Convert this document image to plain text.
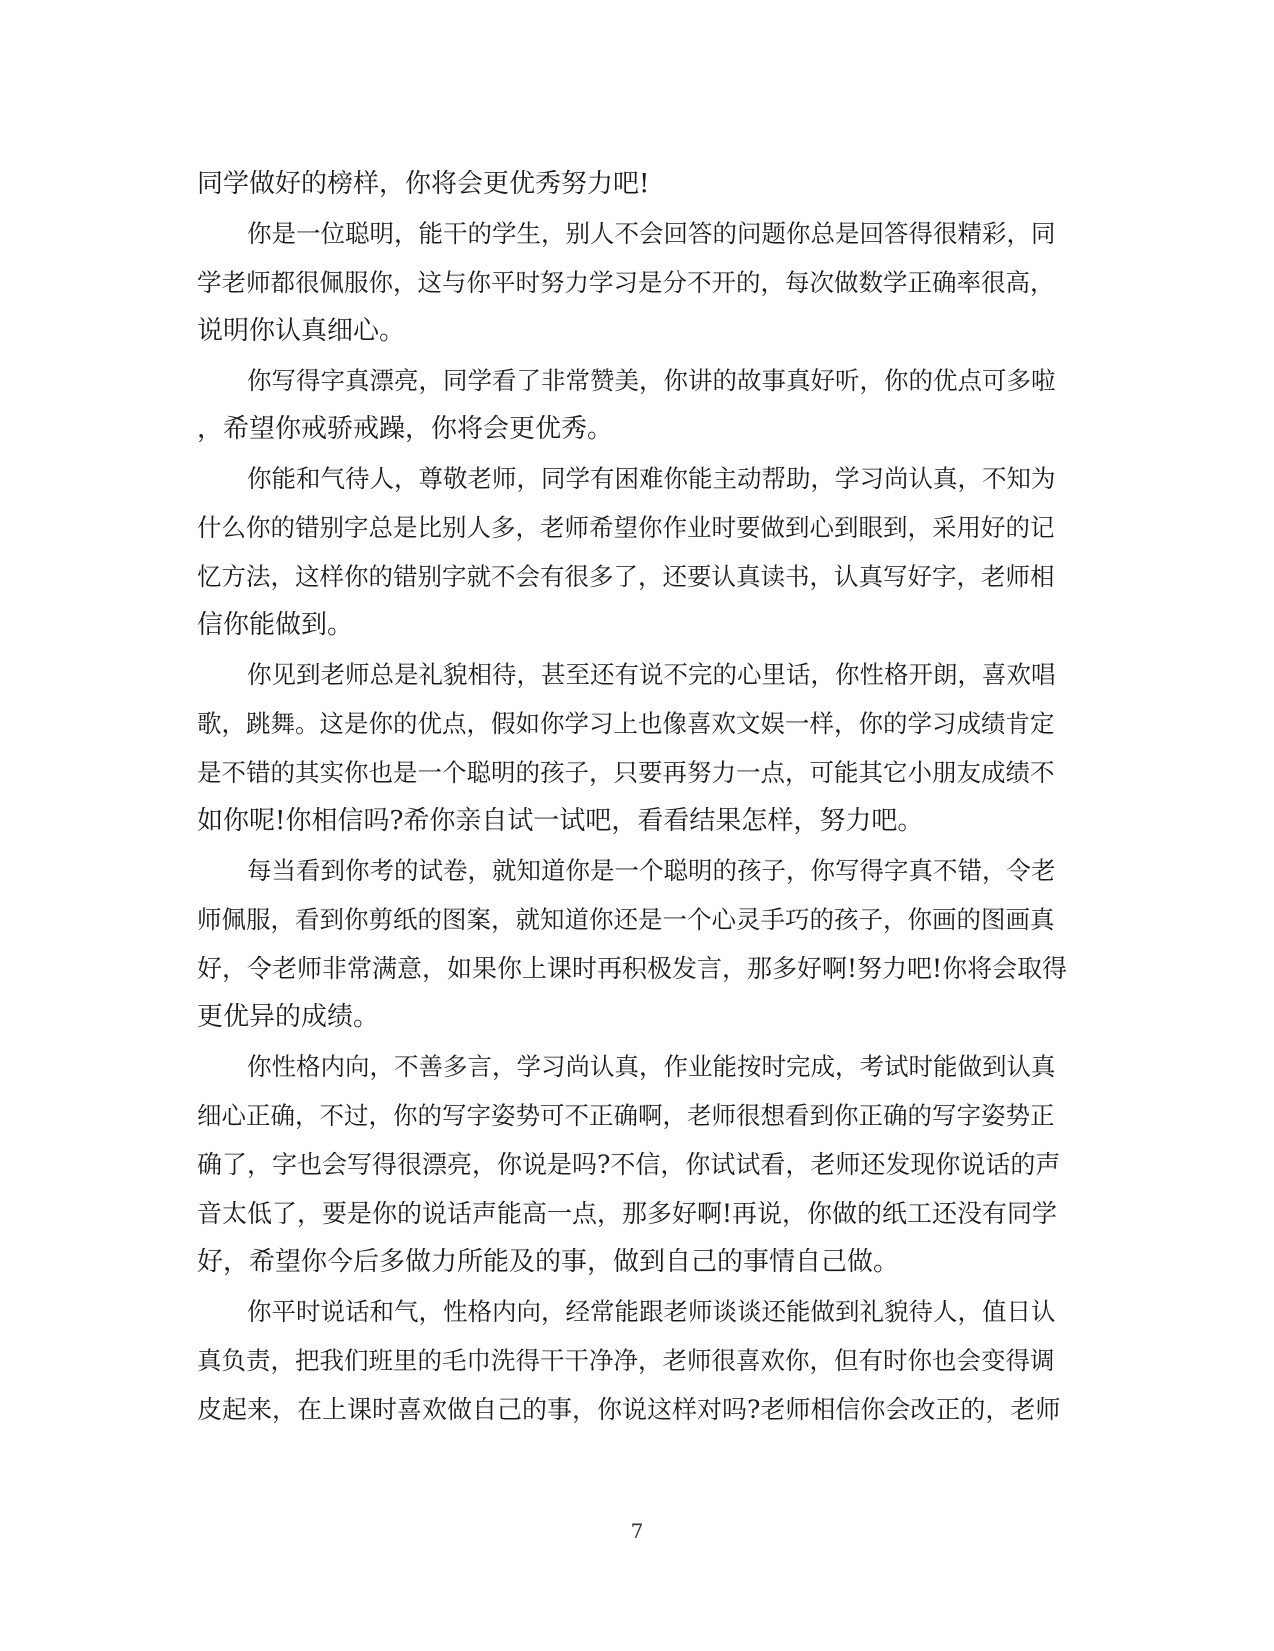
同学做好的榜样，你将会更优秀努力吧!
你是一位聪明，能干的学生，别人不会回答的问题你总是回答得很精彩，同
学老师都很佩服你，这与你平时努力学习是分不开的，每次做数学正确率很高，
说明你认真细心。
你写得字真漂亮，同学看了非常赞美，你讲的故事真好听，你的优点可多啦
，希望你戒骄戒躁，你将会更优秀。
你能和气待人，尊敬老师，同学有困难你能主动帮助，学习尚认真，不知为
什么你的错别字总是比别人多，老师希望你作业时要做到心到眼到，采用好的记
忆方法，这样你的错别字就不会有很多了，还要认真读书，认真写好字，老师相
信你能做到。
你见到老师总是礼貌相待，甚至还有说不完的心里话，你性格开朗，喜欢唱
歌，跳舞。这是你的优点，假如你学习上也像喜欢文娱一样，你的学习成绩肯定
是不错的其实你也是一个聪明的孩子，只要再努力一点，可能其它小朋友成绩不
如你呢!你相信吗?希你亲自试一试吧，看看结果怎样，努力吧。
每当看到你考的试卷，就知道你是一个聪明的孩子，你写得字真不错，令老
师佩服，看到你剪纸的图案，就知道你还是一个心灵手巧的孩子，你画的图画真
好，令老师非常满意，如果你上课时再积极发言，那多好啊!努力吧!你将会取得
更优异的成绩。
你性格内向，不善多言，学习尚认真，作业能按时完成，考试时能做到认真
细心正确，不过，你的写字姿势可不正确啊，老师很想看到你正确的写字姿势正
确了，字也会写得很漂亮，你说是吗?不信，你试试看，老师还发现你说话的声
音太低了，要是你的说话声能高一点，那多好啊!再说，你做的纸工还没有同学
好，希望你今后多做力所能及的事，做到自己的事情自己做。
你平时说话和气，性格内向，经常能跟老师谈谈还能做到礼貌待人，值日认
真负责，把我们班里的毛巾洗得干干净净，老师很喜欢你，但有时你也会变得调
皮起来，在上课时喜欢做自己的事，你说这样对吗?老师相信你会改正的，老师
7
